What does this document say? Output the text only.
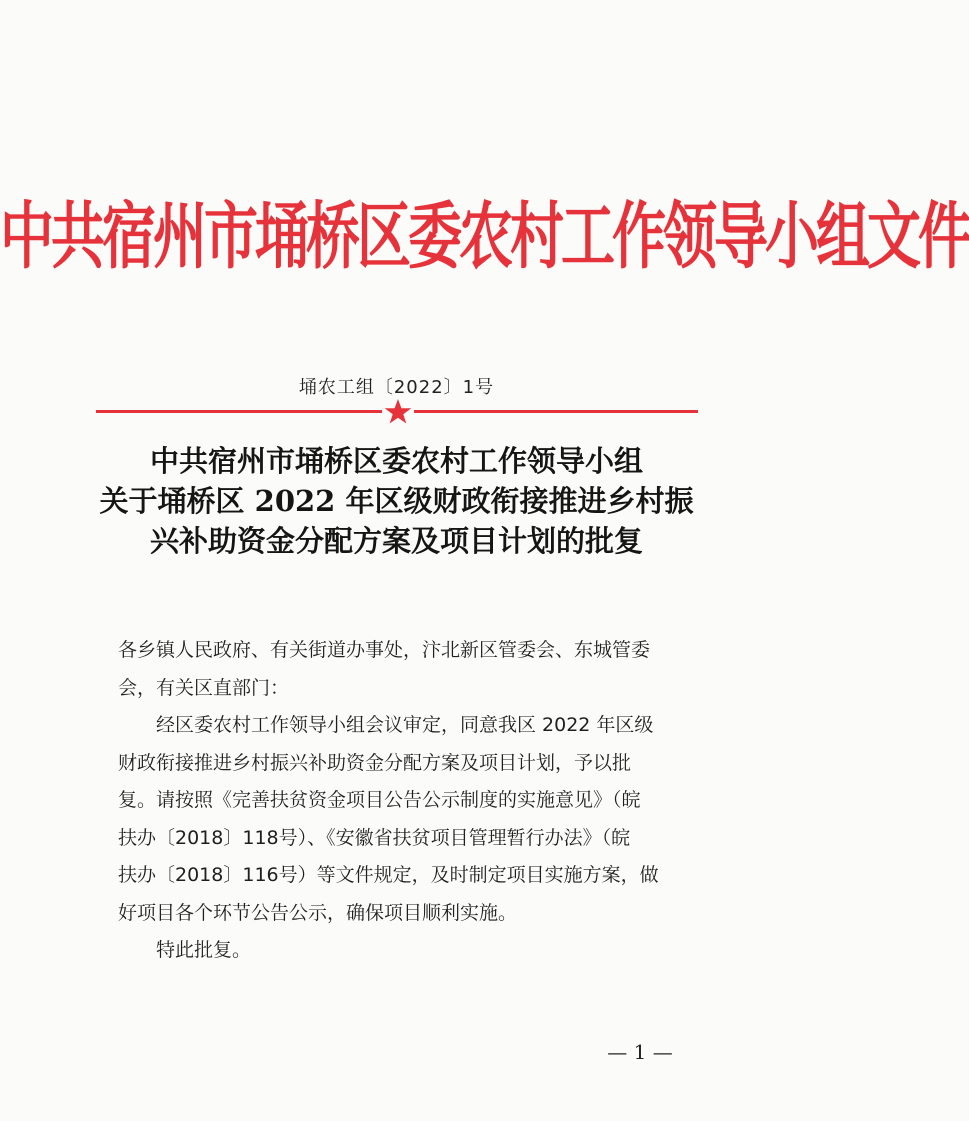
中共宿州市埇桥区委农村工作领导小组文件
埇农工组〔2022〕1号
中共宿州市埇桥区委农村工作领导小组
关于埇桥区 2022 年区级财政衔接推进乡村振
兴补助资金分配方案及项目计划的批复
各乡镇人民政府、有关街道办事处，汴北新区管委会、东城管委
会，有关区直部门：
经区委农村工作领导小组会议审定，同意我区 2022 年区级
财政衔接推进乡村振兴补助资金分配方案及项目计划，予以批
复。请按照《完善扶贫资金项目公告公示制度的实施意见》（皖
扶办〔2018〕118号）、《安徽省扶贫项目管理暂行办法》（皖
扶办〔2018〕116号）等文件规定，及时制定项目实施方案，做
好项目各个环节公告公示，确保项目顺利实施。
特此批复。
— 1 —
